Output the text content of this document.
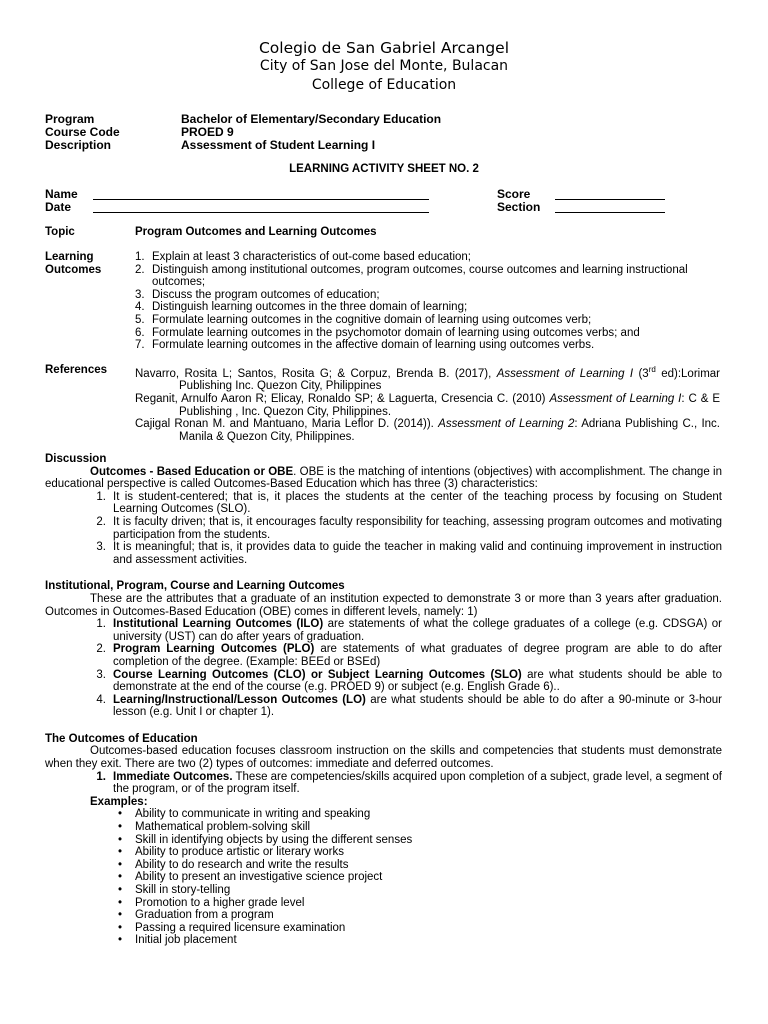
Colegio de San Gabriel Arcangel
City of San Jose del Monte, Bulacan
College of Education
Program	Bachelor of Elementary/Secondary Education
Course Code	PROED 9
Description	Assessment of Student Learning I
LEARNING ACTIVITY SHEET NO. 2
Name	Score
Date	Section
Topic	Program Outcomes and Learning Outcomes
Learning
Outcomes
1. Explain at least 3 characteristics of out-come based education;
2. Distinguish among institutional outcomes, program outcomes, course outcomes and learning instructional outcomes;
3. Discuss the program outcomes of education;
4. Distinguish learning outcomes in the three domain of learning;
5. Formulate learning outcomes in the cognitive domain of learning using outcomes verb;
6. Formulate learning outcomes in the psychomotor domain of learning using outcomes verbs; and
7. Formulate learning outcomes in the affective domain of learning using outcomes verbs.
References Navarro, Rosita L; Santos, Rosita G; & Corpuz, Brenda B. (2017), Assessment of Learning I (3rd ed):Lorimar Publishing Inc. Quezon City, Philippines
Reganit, Arnulfo Aaron R; Elicay, Ronaldo SP; & Laguerta, Cresencia C. (2010) Assessment of Learning I: C & E Publishing , Inc. Quezon City, Philippines.
Cajigal Ronan M. and Mantuano, Maria Leflor D. (2014)). Assessment of Learning 2: Adriana Publishing C., Inc. Manila & Quezon City, Philippines.
Discussion
Outcomes - Based Education or OBE. OBE is the matching of intentions (objectives) with accomplishment. The change in educational perspective is called Outcomes-Based Education which has three (3) characteristics:
1. It is student-centered; that is, it places the students at the center of the teaching process by focusing on Student Learning Outcomes (SLO).
2. It is faculty driven; that is, it encourages faculty responsibility for teaching, assessing program outcomes and motivating participation from the students.
3. It is meaningful; that is, it provides data to guide the teacher in making valid and continuing improvement in instruction and assessment activities.
Institutional, Program, Course and Learning Outcomes
These are the attributes that a graduate of an institution expected to demonstrate 3 or more than 3 years after graduation. Outcomes in Outcomes-Based Education (OBE) comes in different levels, namely: 1)
1. Institutional Learning Outcomes (ILO) are statements of what the college graduates of a college (e.g. CDSGA) or university (UST) can do after years of graduation.
2. Program Learning Outcomes (PLO) are statements of what graduates of degree program are able to do after completion of the degree. (Example: BEEd or BSEd)
3. Course Learning Outcomes (CLO) or Subject Learning Outcomes (SLO) are what students should be able to demonstrate at the end of the course (e.g. PROED 9) or subject (e.g. English Grade 6)..
4. Learning/Instructional/Lesson Outcomes (LO) are what students should be able to do after a 90-minute or 3-hour lesson (e.g. Unit I or chapter 1).
The Outcomes of Education
Outcomes-based education focuses classroom instruction on the skills and competencies that students must demonstrate when they exit. There are two (2) types of outcomes: immediate and deferred outcomes.
1. Immediate Outcomes. These are competencies/skills acquired upon completion of a subject, grade level, a segment of the program, or of the program itself.
Examples:
•	Ability to communicate in writing and speaking
•	Mathematical problem-solving skill
•	Skill in identifying objects by using the different senses
•	Ability to produce artistic or literary works
•	Ability to do research and write the results
•	Ability to present an investigative science project
•	Skill in story-telling
•	Promotion to a higher grade level
•	Graduation from a program
•	Passing a required licensure examination
•	Initial job placement
